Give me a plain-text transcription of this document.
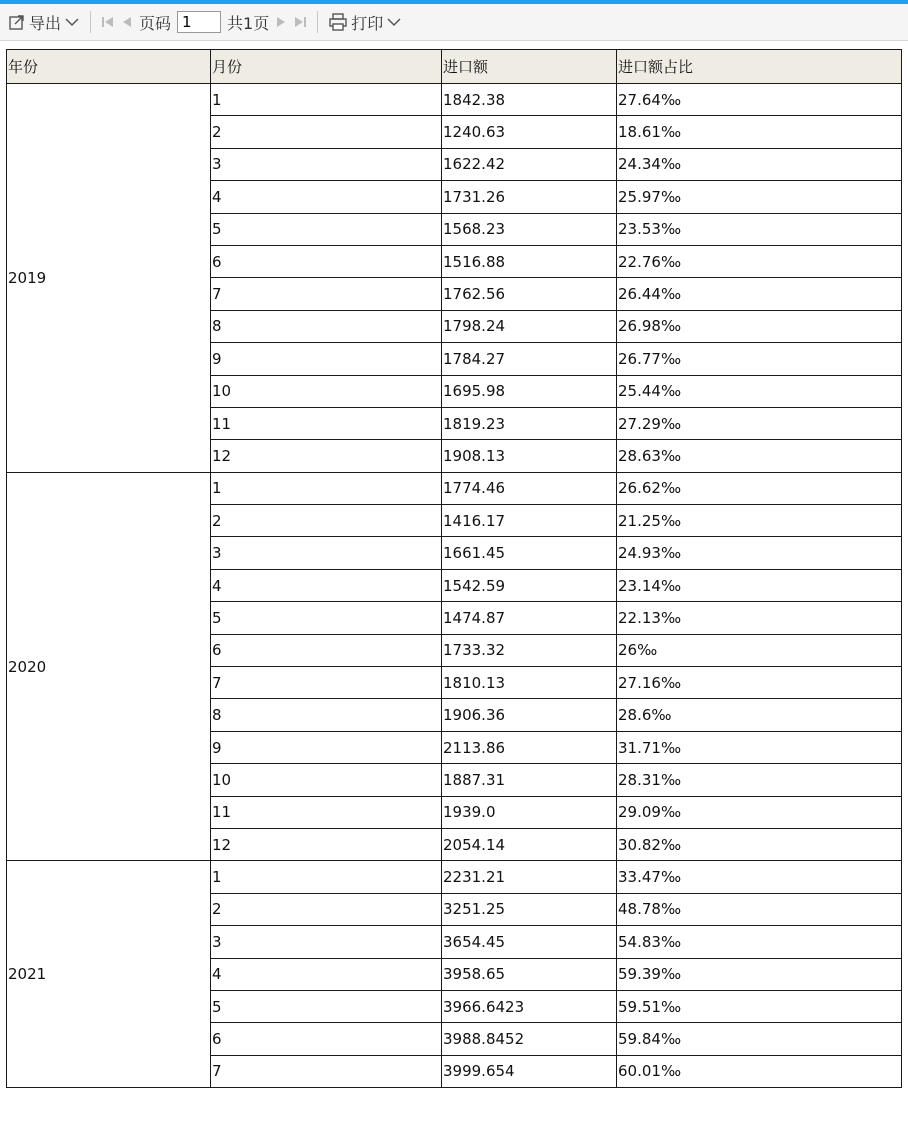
导出	页码
1	共1页	打印
年份	月份	进口额	进口额占比
2019	1	1842.38	27.64‰
	2	1240.63	18.61‰
	3	1622.42	24.34‰
	4	1731.26	25.97‰
	5	1568.23	23.53‰
	6	1516.88	22.76‰
	7	1762.56	26.44‰
	8	1798.24	26.98‰
	9	1784.27	26.77‰
	10	1695.98	25.44‰
	11	1819.23	27.29‰
	12	1908.13	28.63‰
2020	1	1774.46	26.62‰
	2	1416.17	21.25‰
	3	1661.45	24.93‰
	4	1542.59	23.14‰
	5	1474.87	22.13‰
	6	1733.32	26‰
	7	1810.13	27.16‰
	8	1906.36	28.6‰
	9	2113.86	31.71‰
	10	1887.31	28.31‰
	11	1939.0	29.09‰
	12	2054.14	30.82‰
2021	1	2231.21	33.47‰
	2	3251.25	48.78‰
	3	3654.45	54.83‰
	4	3958.65	59.39‰
	5	3966.6423	59.51‰
	6	3988.8452	59.84‰
	7	3999.654	60.01‰
